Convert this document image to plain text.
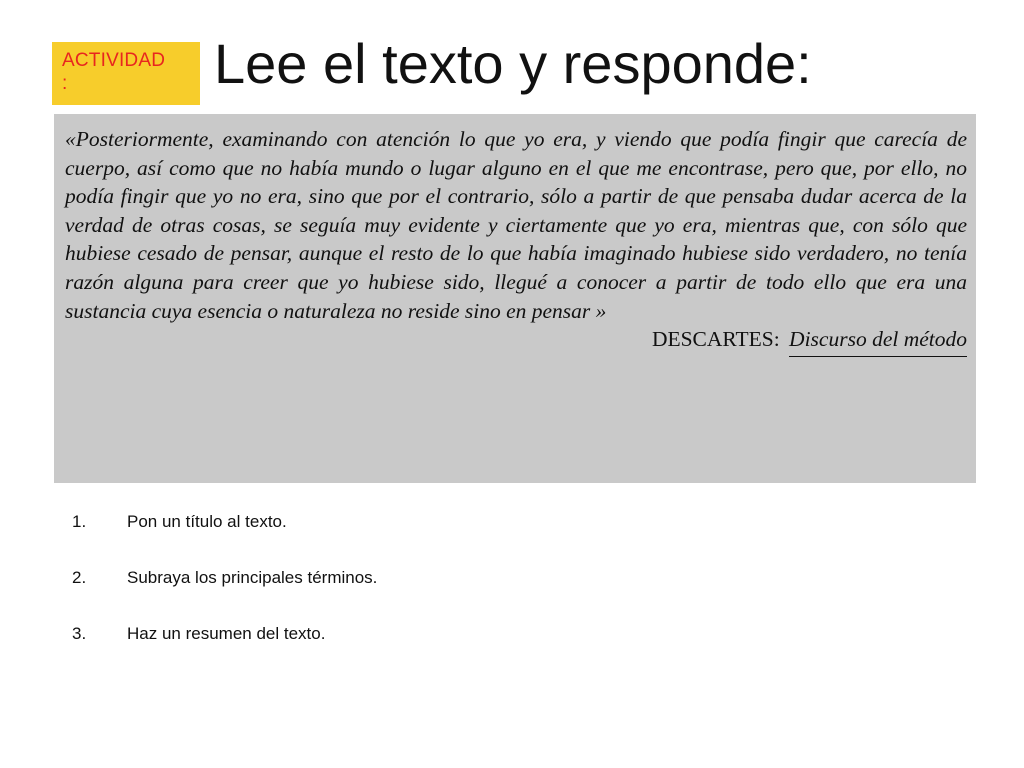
ACTIVIDAD
:	Lee el texto y responde:

«Posteriormente, examinando con atención lo que yo era, y viendo que podía fingir que carecía de cuerpo, así como que no había mundo o lugar alguno en el que me encontrase, pero que, por ello, no podía fingir que yo no era, sino que por el contrario, sólo a partir de que pensaba dudar acerca de la verdad de otras cosas, se seguía muy evidente y ciertamente que yo era, mientras que, con sólo que hubiese cesado de pensar, aunque el resto de lo que había imaginado hubiese sido verdadero, no tenía razón alguna para creer que yo hubiese sido, llegué a conocer a partir de todo ello que era una sustancia cuya esencia o naturaleza no reside sino en pensar »

DESCARTES: Discurso del método
1.	Pon un título al texto.
2.	Subraya los principales términos.
3.	Haz un resumen del texto.
